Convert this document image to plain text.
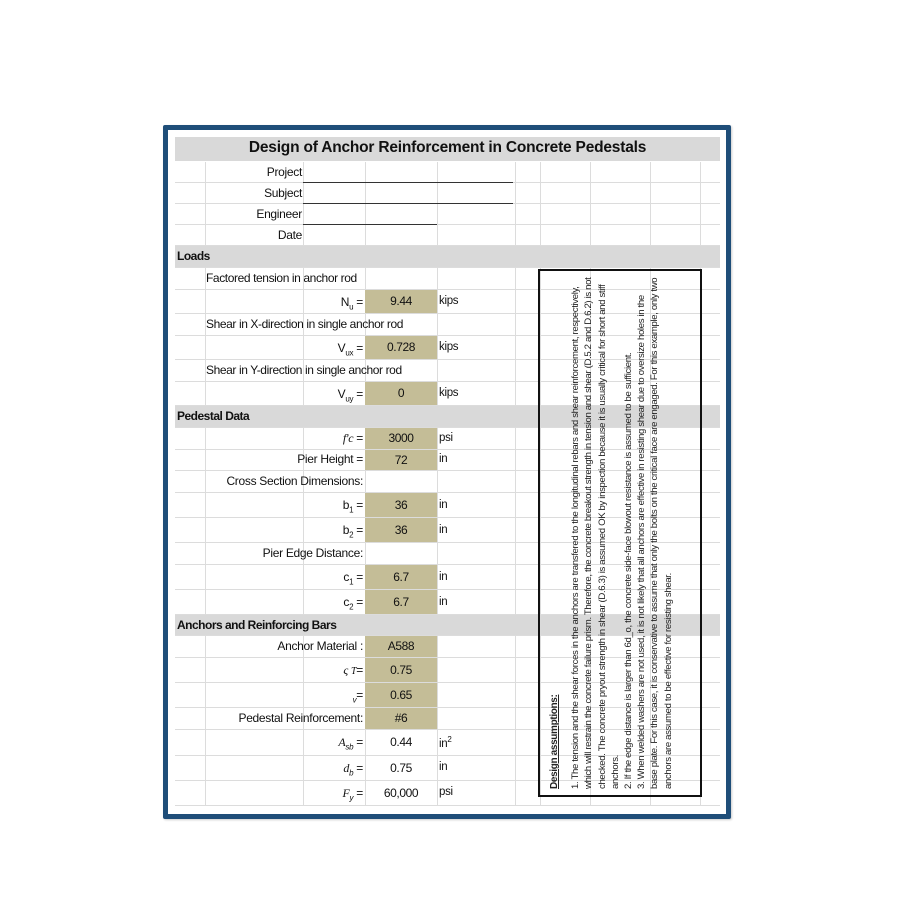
Design of Anchor Reinforcement in Concrete Pedestals
Project
Subject
Engineer
Date
Loads
Factored tension in anchor rod
$N_u$ =	9.44	kips
Shear in X-direction in single anchor rod
$V_{ux}$ =	0.728	kips
Shear in Y-direction in single anchor rod
$V_{uy}$ =	0	kips
Pedestal Data
f'c =	3000	psi
Pier Height =	72	in
Cross Section Dimensions:
$b_1$ =	36	in
$b_2$ =	36	in
Pier Edge Distance:
$c_1$ =	6.7	in
$c_2$ =	6.7	in
Anchors and Reinforcing Bars
Anchor Material :	A588
ς T=	0.75
$_v$=	0.65
Pedestal Reinforcement:	#6
$A_{sb}$ =	0.44	$in^2$
$d_b$ =	0.75	in
$F_y$ =	60,000	psi
Design assumptions: 1. The tension and the shear forces in the anchors are transfered to the longitudinal rebars and shear reinforcement, respectively, which will restrain the concrete failure prism. Therefore, the concrete breakout strength in tension and shear (D.5.2 and D.6.2) is not checked. The concrete pryout strength in shear (D.6.3) is assumed OK by inspection because it is usually critical for short and stiff anchors. 2. If the edge distance is larger than 6d_o, the concrete side-face blowout resistance is assumed to be sufficient. 3. When welded washers are not used, it is not likely that all anchors are effective in resisting shear due to oversize holes in the base plate. For this case, it is conservative to assume that only the bolts on the critical face are engaged. For this example, only two anchors are assumed to be effective for resisting shear.
